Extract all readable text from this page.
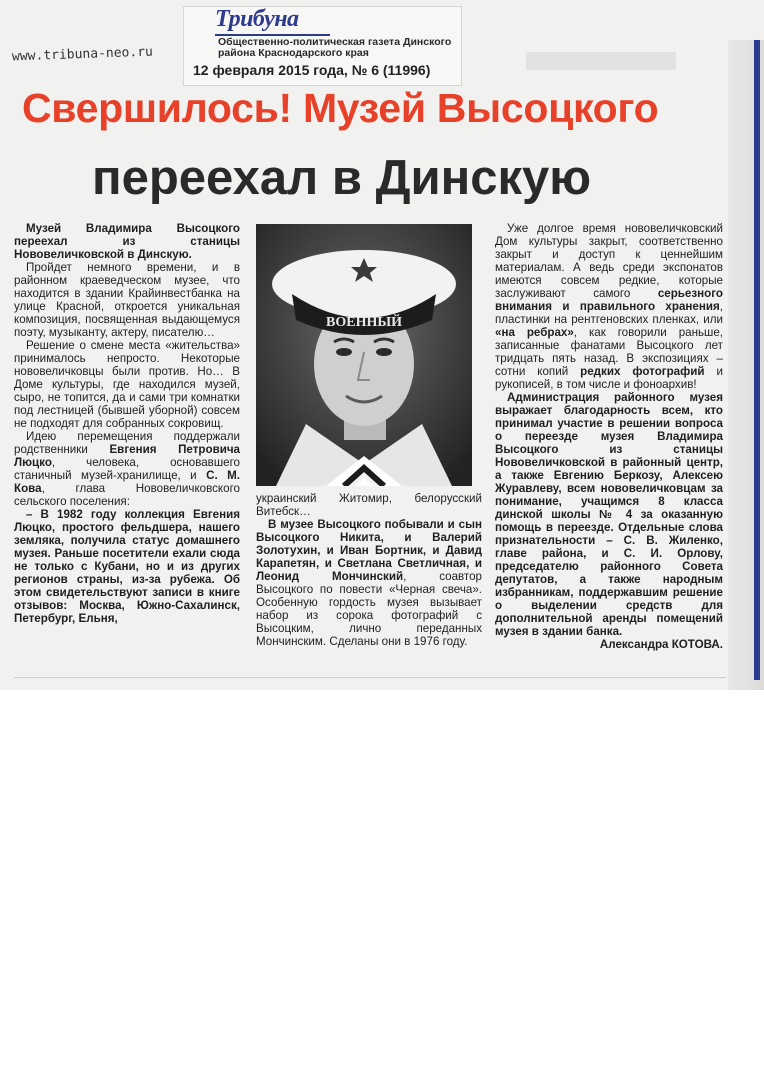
Трибуна
Общественно-политическая газета Динского района Краснодарского края
12 февраля 2015 года, № 6 (11996)
www.tribuna-neo.ru
Свершилось! Музей Высоцкого
переехал в Динскую

Музей Владимира Высоцкого переехал из станицы Нововеличковской в Динскую.

Пройдет немного времени, и в районном краеведческом музее, что находится в здании Крайинвестбанка на улице Красной, откроется уникальная композиция, посвященная выдающемуся поэту, музыканту, актеру, писателю…

Решение о смене места «жительства» принималось непросто. Некоторые нововеличковцы были против. Но… В Доме культуры, где находился музей, сыро, не топится, да и сами три комнатки под лестницей (бывшей уборной) совсем не подходят для собранных сокровищ.

Идею перемещения поддержали родственники Евгения Петровича Люцко, человека, основавшего станичный музей-хранилище, и С. М. Кова, глава Нововеличковского сельского поселения:

– В 1982 году коллекция Евгения Люцко, простого фельдшера, нашего земляка, получила статус домашнего музея. Раньше посетители ехали сюда не только с Кубани, но и из других регионов страны, из-за рубежа. Об этом свидетельствуют записи в книге отзывов: Москва, Южно-Сахалинск, Петербург, Ельня,

ВОЕННЫЙ

украинский Житомир, белорусский Витебск…

В музее Высоцкого побывали и сын Высоцкого Никита, и Валерий Золотухин, и Иван Бортник, и Давид Карапетян, и Светлана Светличная, и Леонид Мончинский, соавтор Высоцкого по повести «Черная свеча». Особенную гордость музея вызывает набор из сорока фотографий с Высоцким, лично переданных Мончинским. Сделаны они в 1976 году.

Уже долгое время нововеличковский Дом культуры закрыт, соответственно закрыт и доступ к ценнейшим материалам. А ведь среди экспонатов имеются совсем редкие, которые заслуживают самого серьезного внимания и правильного хранения, пластинки на рентгеновских пленках, или «на ребрах», как говорили раньше, записанные фанатами Высоцкого лет тридцать пять назад. В экспозициях – сотни копий редких фотографий и рукописей, в том числе и фоноархив!

Администрация районного музея выражает благодарность всем, кто принимал участие в решении вопроса о переезде музея Владимира Высоцкого из станицы Нововеличковской в районный центр, а также Евгению Беркозу, Алексею Журавлеву, всем нововеличковцам за понимание, учащимся 8 класса динской школы № 4 за оказанную помощь в переезде. Отдельные слова признательности – С. В. Жиленко, главе района, и С. И. Орлову, председателю районного Совета депутатов, а также народным избранникам, поддержавшим решение о выделении средств для дополнительной аренды помещений музея в здании банка.

Александра КОТОВА.
